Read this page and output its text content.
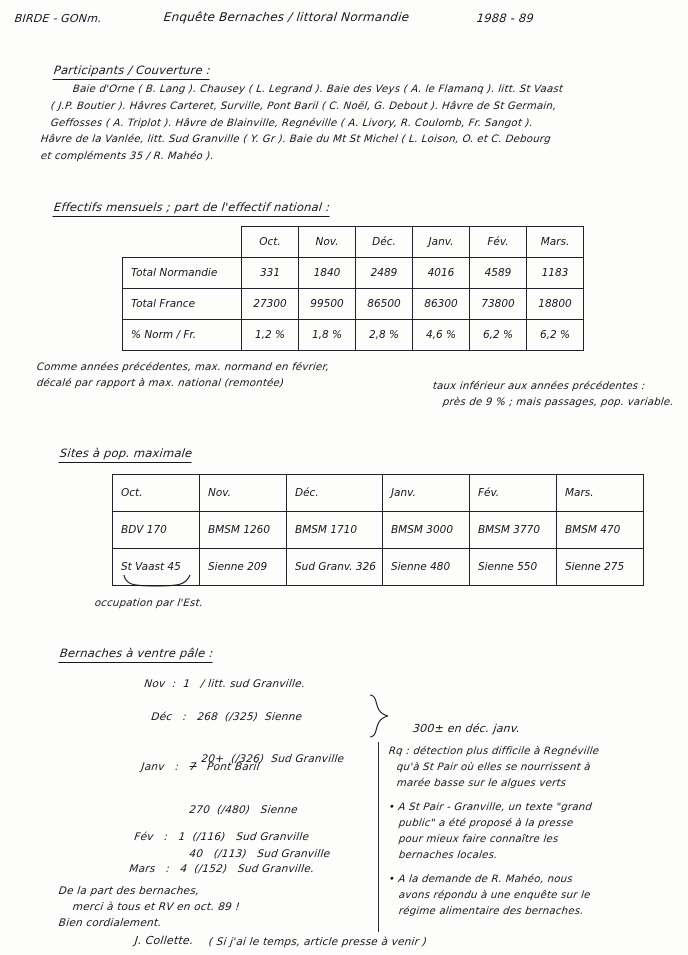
BIRDE - GONm.	Enquête Bernaches / littoral Normandie	1988 - 89

Participants / Couverture :

Baie d'Orne ( B. Lang ). Chausey ( L. Legrand ). Baie des Veys ( A. le Flamanq ). litt. St Vaast
( J.P. Boutier ). Hâvres Carteret, Surville, Pont Baril ( C. Noël, G. Debout ). Hâvre de St Germain,
Geffosses ( A. Triplot ). Hâvre de Blainville, Regnéville ( A. Livory, R. Coulomb, Fr. Sangot ).
Hâvre de la Vanlée, litt. Sud Granville ( Y. Gr ). Baie du Mt St Michel ( L. Loison, O. et C. Debourg
et compléments 35 / R. Mahéo ).

Effectifs mensuels ; part de l'effectif national :

	Oct.	Nov.	Déc.	Janv.	Fév.	Mars.
Total Normandie	331	1840	2489	4016	4589	1183
Total France	27300	99500	86500	86300	73800	18800
% Norm / Fr.	1,2 %	1,8 %	2,8 %	4,6 %	6,2 %	6,2 %
Comme années précédentes, max. normand en février,
décalé par rapport à max. national (remontée)	taux inférieur aux années précédentes :
près de 9 % ; mais passages, pop. variable.

Sites à pop. maximale

Oct.	Nov.	Déc.	Janv.	Fév.	Mars.
BDV 170	BMSM 1260	BMSM 1710	BMSM 3000	BMSM 3770	BMSM 470
St Vaast 45	Sienne 209	Sud Granv. 326	Sienne 480	Sienne 550	Sienne 275
occupation par l'Est.

Bernaches à ventre pâle :

Nov  :  1 / litt. sud Granville.

Déc   :   268 (/325)  Sienne

20+ (/326)  Sud Granville

Janv   :   7 Pont Baril

270 (/480)   Sienne

40 (/113)   Sud Granville

Fév   :   1 (/116)   Sud Granville

Mars   :   4 (/152)   Sud Granville.

300± en déc. janv.

Rq : détection plus difficile à Regnéville
qu'à St Pair où elles se nourrissent à
marée basse sur le algues verts
• A St Pair - Granville, un texte "grand
public" a été proposé à la presse
pour mieux faire connaître les
bernaches locales.
• A la demande de R. Mahéo, nous
avons répondu à une enquête sur le
régime alimentaire des bernaches.
De la part des bernaches,
merci à tous et RV en oct. 89 !
Bien cordialement.
J. Collette. ( Si j'ai le temps, article presse à venir )
